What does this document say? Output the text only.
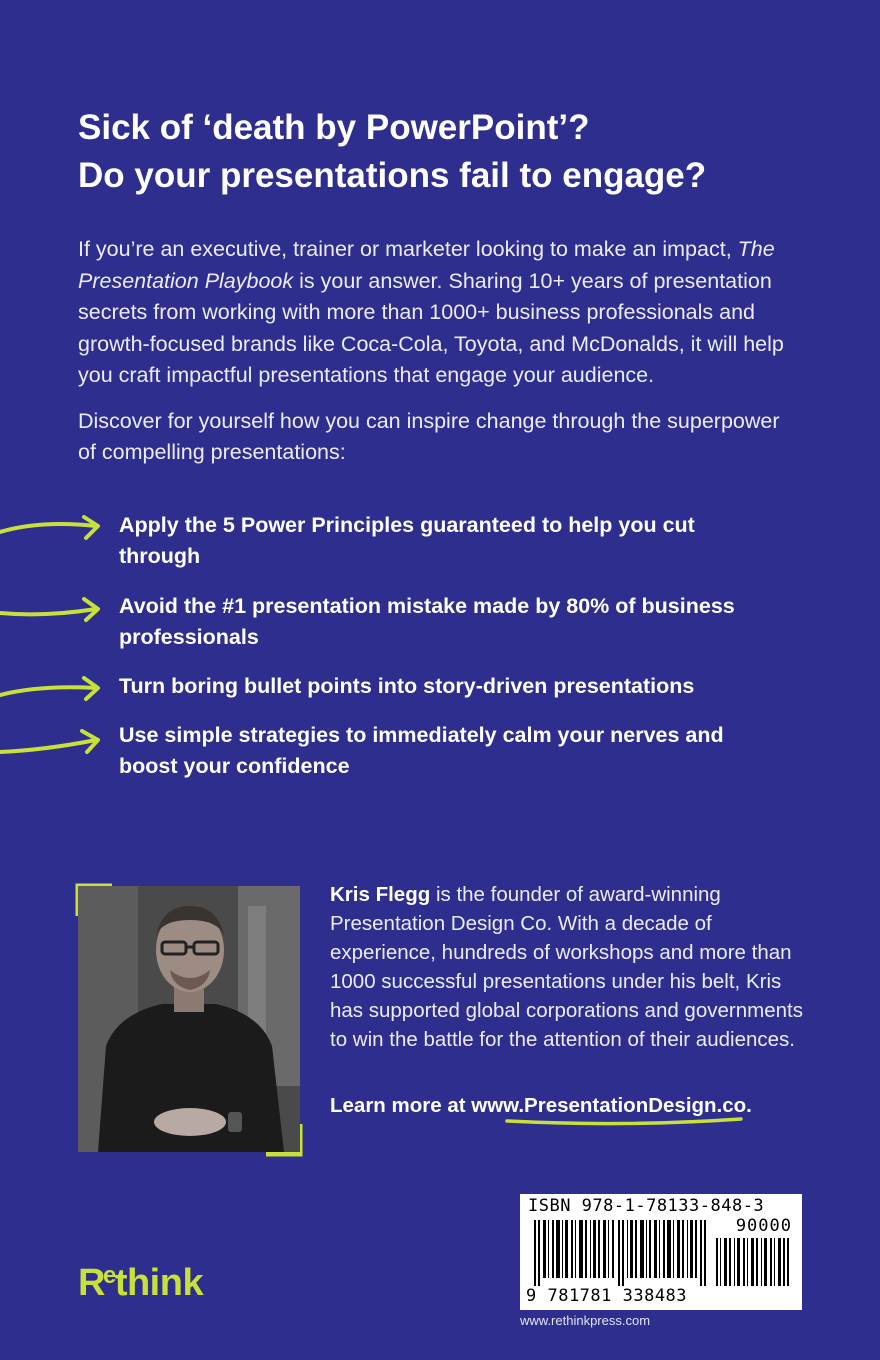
Sick of ‘death by PowerPoint’?
Do your presentations fail to engage?

If you’re an executive, trainer or marketer looking to make an impact, The Presentation Playbook is your answer. Sharing 10+ years of presentation secrets from working with more than 1000+ business professionals and growth-focused brands like Coca-Cola, Toyota, and McDonalds, it will help you craft impactful presentations that engage your audience.

Discover for yourself how you can inspire change through the superpower of compelling presentations:

Apply the 5 Power Principles guaranteed to help you cut through
Avoid the #1 presentation mistake made by 80% of business professionals
Turn boring bullet points into story-driven presentations
Use simple strategies to immediately calm your nerves and boost your confidence
Kris Flegg is the founder of award-winning Presentation Design Co. With a decade of experience, hundreds of workshops and more than 1000 successful presentations under his belt, Kris has supported global corporations and governments to win the battle for the attention of their audiences.
Learn more at www.PresentationDesign.co.
ISBN 978-1-78133-848-3
90000
9 781781 338483
www.rethinkpress.com
$R^ethink$
